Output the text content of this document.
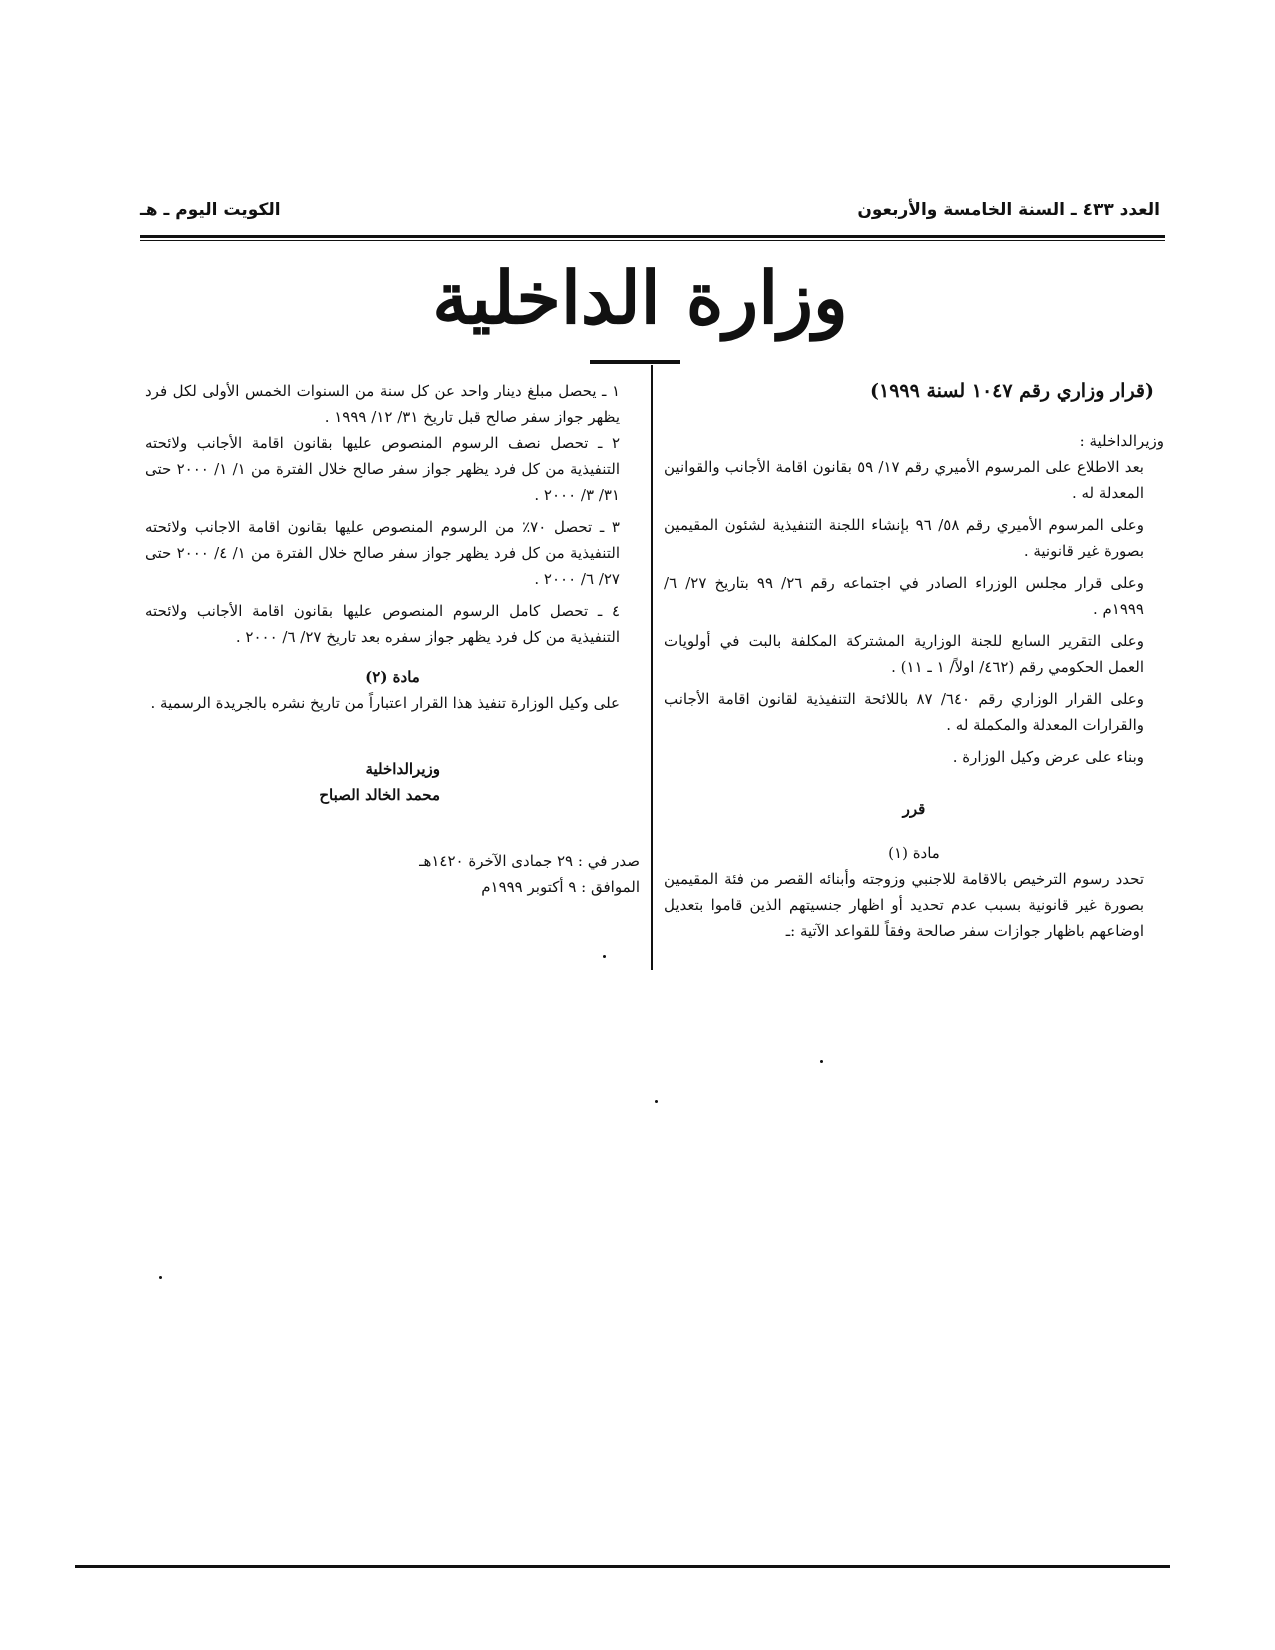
العدد ٤٣٣ ـ السنة الخامسة والأربعون
الكويت اليوم ـ هـ
وزارة الداخلية

(قرار وزاري رقم ١٠٤٧ لسنة ١٩٩٩)

وزيرالداخلية :

بعد الاطلاع على المرسوم الأميري رقم ١٧/ ٥٩ بقانون اقامة الأجانب والقوانين المعدلة له .

وعلى المرسوم الأميري رقم ٥٨/ ٩٦ بإنشاء اللجنة التنفيذية لشئون المقيمين بصورة غير قانونية .

وعلى قرار مجلس الوزراء الصادر في اجتماعه رقم ٢٦/ ٩٩ بتاريخ ٢٧/ ٦/ ١٩٩٩م .

وعلى التقرير السابع للجنة الوزارية المشتركة المكلفة بالبت في أولويات العمل الحكومي رقم (٤٦٢/ اولاً/ ١ ـ ١١) .

وعلى القرار الوزاري رقم ٦٤٠/ ٨٧ باللائحة التنفيذية لقانون اقامة الأجانب والقرارات المعدلة والمكملة له .

وبناء على عرض وكيل الوزارة .

قرر

مادة (١)

تحدد رسوم الترخيص بالاقامة للاجنبي وزوجته وأبنائه القصر من فئة المقيمين بصورة غير قانونية بسبب عدم تحديد أو اظهار جنسيتهم الذين قاموا بتعديل اوضاعهم باظهار جوازات سفر صالحة وفقاً للقواعد الآتية :ـ

١ ـ يحصل مبلغ دينار واحد عن كل سنة من السنوات الخمس الأولى لكل فرد يظهر جواز سفر صالح قبل تاريخ ٣١/ ١٢/ ١٩٩٩ .

٢ ـ تحصل نصف الرسوم المنصوص عليها بقانون اقامة الأجانب ولائحته التنفيذية من كل فرد يظهر جواز سفر صالح خلال الفترة من ١/ ١/ ٢٠٠٠ حتى ٣١/ ٣/ ٢٠٠٠ .

٣ ـ تحصل ٧٠٪ من الرسوم المنصوص عليها بقانون اقامة الاجانب ولائحته التنفيذية من كل فرد يظهر جواز سفر صالح خلال الفترة من ١/ ٤/ ٢٠٠٠ حتى ٢٧/ ٦/ ٢٠٠٠ .

٤ ـ تحصل كامل الرسوم المنصوص عليها بقانون اقامة الأجانب ولائحته التنفيذية من كل فرد يظهر جواز سفره بعد تاريخ ٢٧/ ٦/ ٢٠٠٠ .

مادة (٢)

على وكيل الوزارة تنفيذ هذا القرار اعتباراً من تاريخ نشره بالجريدة الرسمية .

وزيرالداخلية

محمد الخالد الصباح

صدر في : ٢٩ جمادى الآخرة ١٤٢٠هـ

الموافق : ٩ أكتوبر ١٩٩٩م
